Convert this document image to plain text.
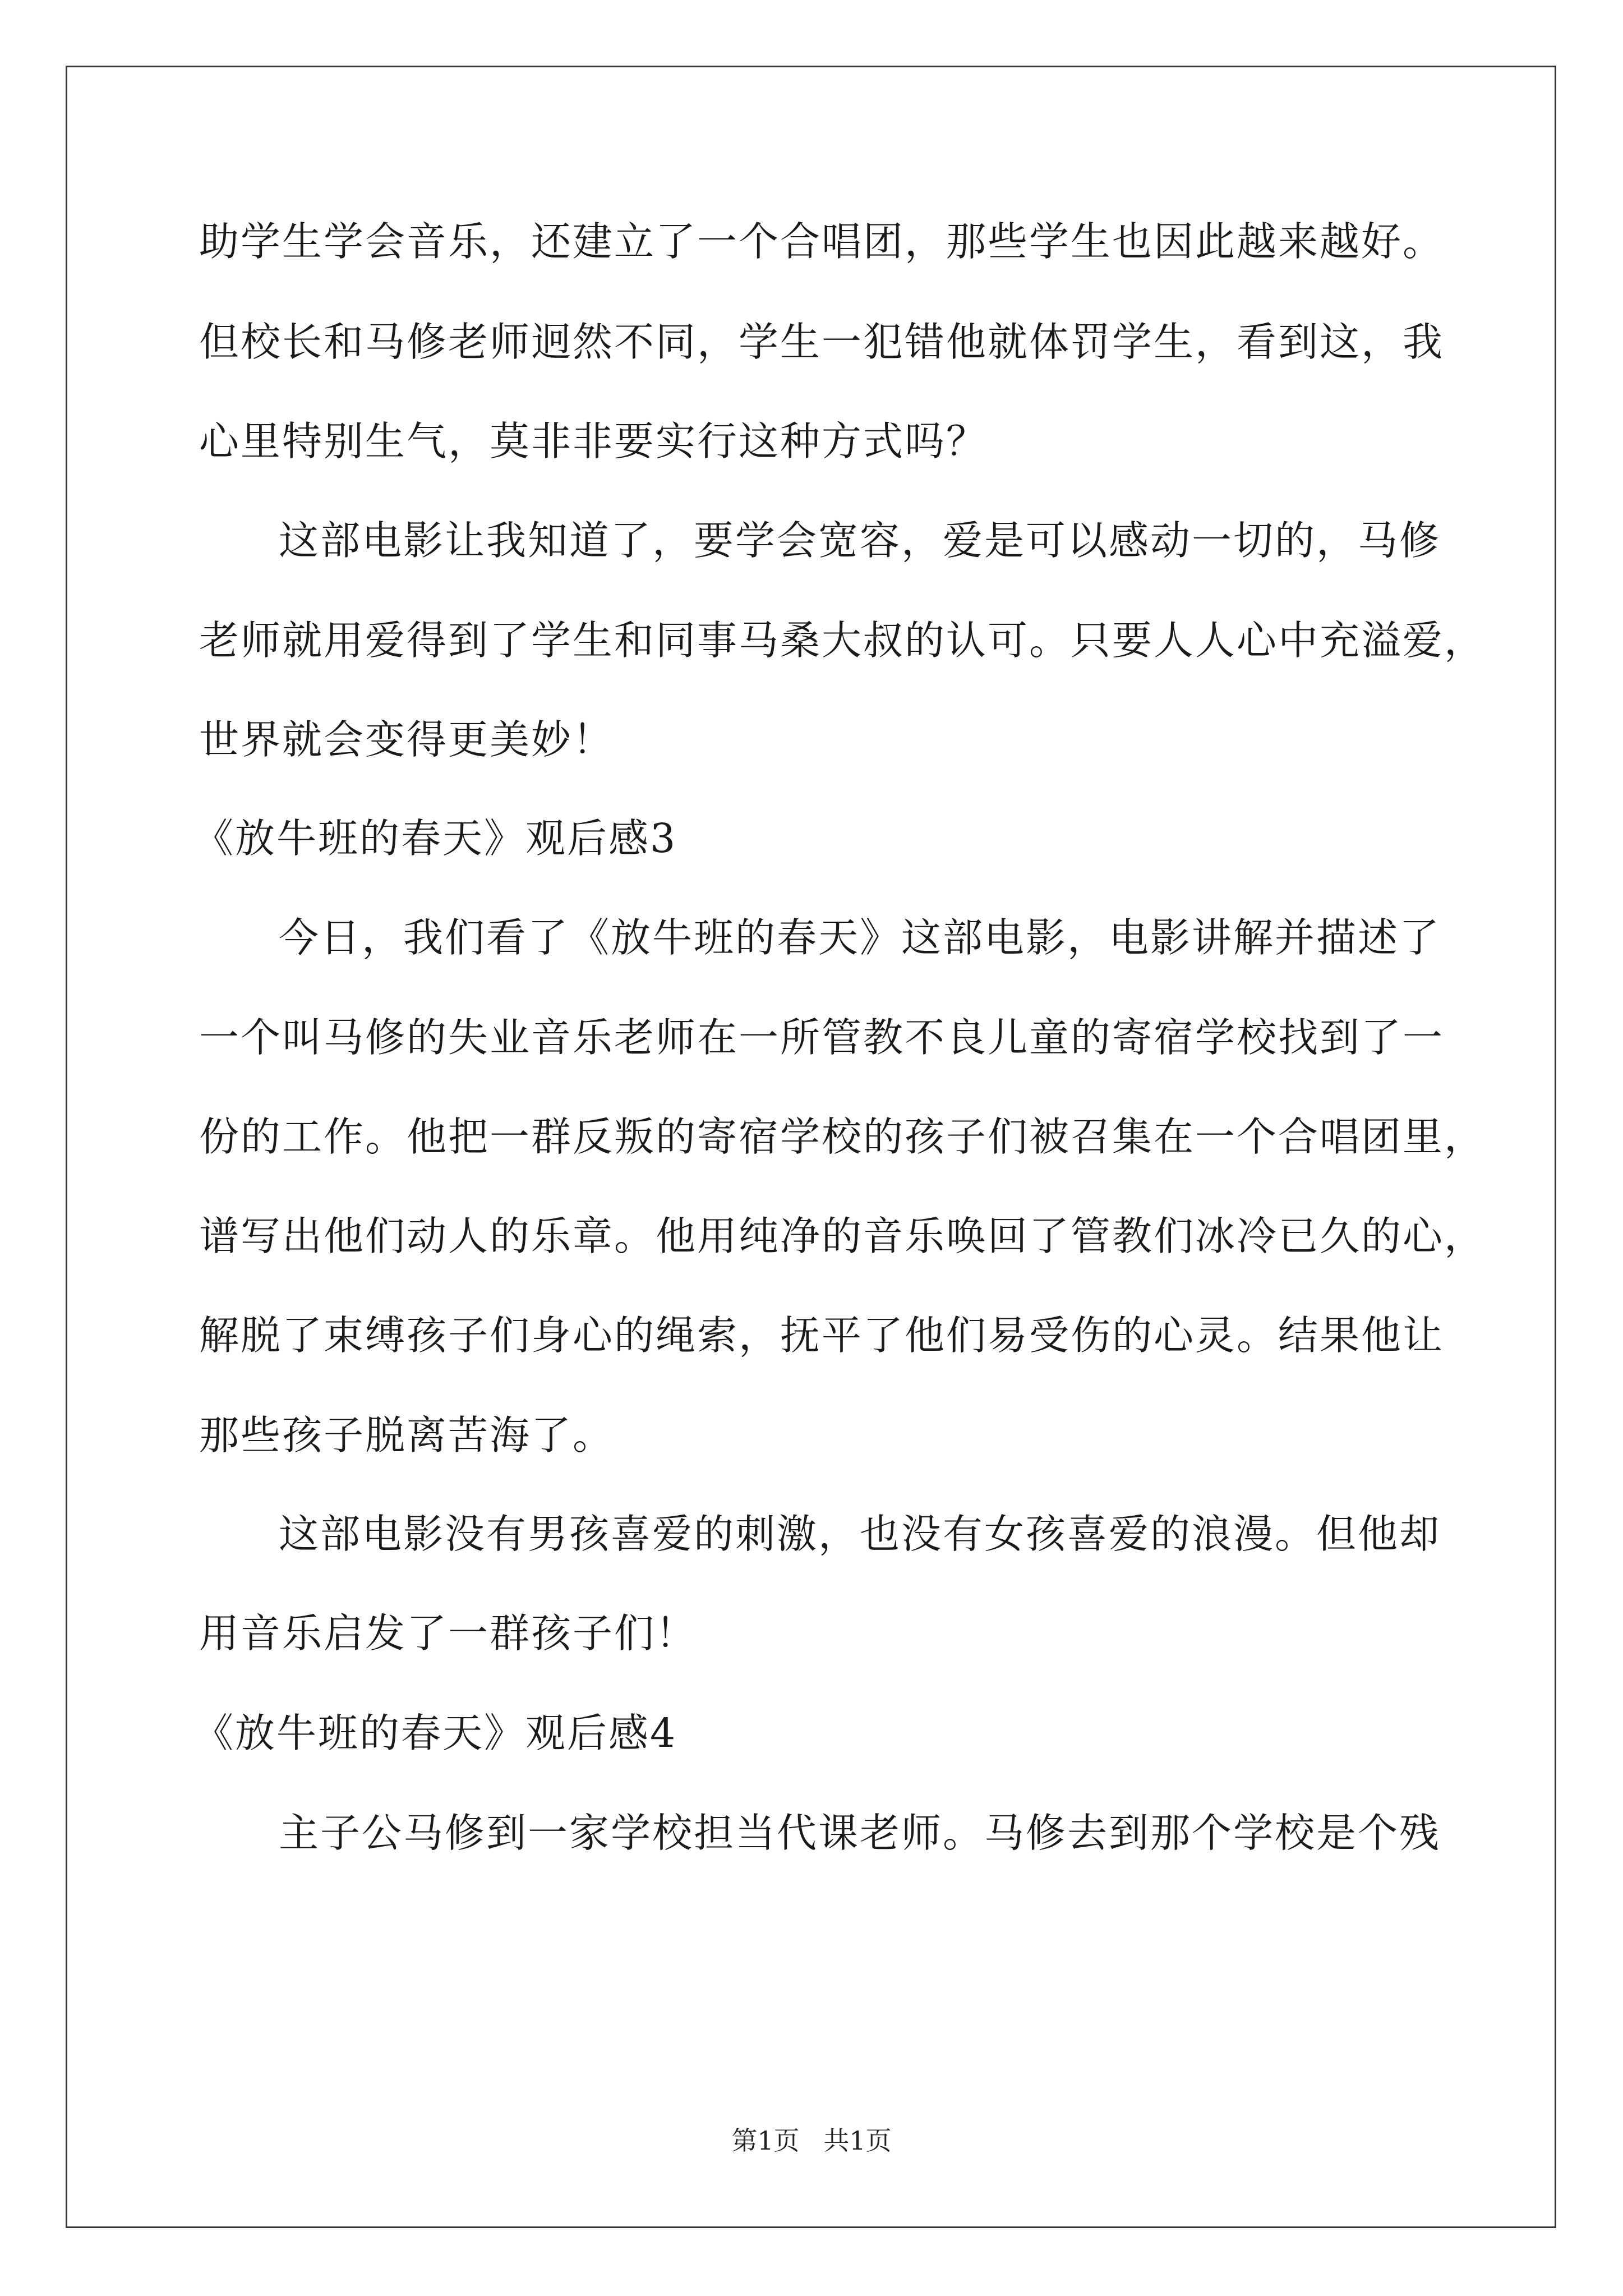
助学生学会音乐，还建立了一个合唱团，那些学生也因此越来越好。
但校长和马修老师迥然不同，学生一犯错他就体罚学生，看到这，我
心里特别生气，莫非非要实行这种方式吗？
这部电影让我知道了，要学会宽容，爱是可以感动一切的，马修
老师就用爱得到了学生和同事马桑大叔的认可。只要人人心中充溢爱，
世界就会变得更美妙！
《放牛班的春天》观后感3
今日，我们看了《放牛班的春天》这部电影，电影讲解并描述了
一个叫马修的失业音乐老师在一所管教不良儿童的寄宿学校找到了一
份的工作。他把一群反叛的寄宿学校的孩子们被召集在一个合唱团里，
谱写出他们动人的乐章。他用纯净的音乐唤回了管教们冰冷已久的心，
解脱了束缚孩子们身心的绳索，抚平了他们易受伤的心灵。结果他让
那些孩子脱离苦海了。
这部电影没有男孩喜爱的刺激，也没有女孩喜爱的浪漫。但他却
用音乐启发了一群孩子们！
《放牛班的春天》观后感4
主子公马修到一家学校担当代课老师。马修去到那个学校是个残
第1页 共1页
